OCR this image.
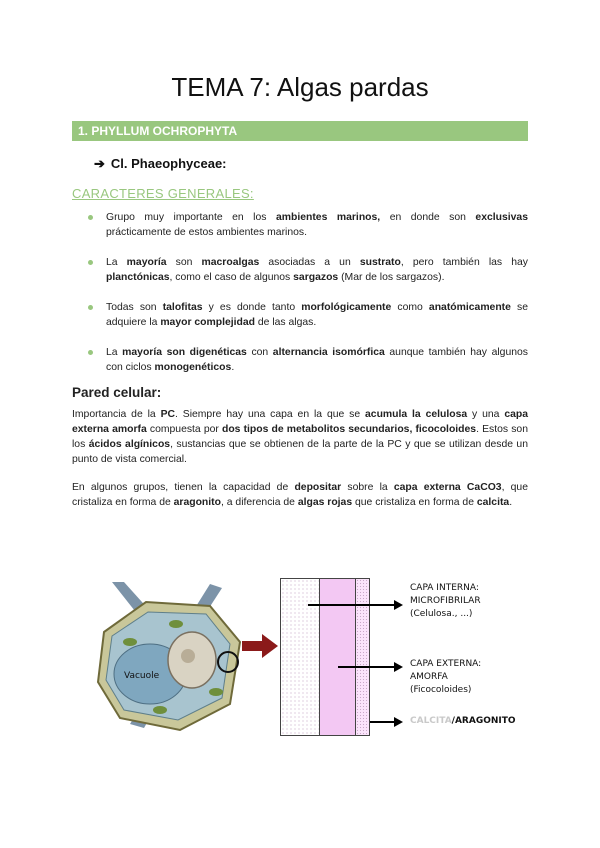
TEMA 7: Algas pardas
1. PHYLLUM OCHROPHYTA
➔ Cl. Phaeophyceae:
CARACTERES GENERALES:
Grupo muy importante en los ambientes marinos, en donde son exclusivas prácticamente de estos ambientes marinos.
La mayoría son macroalgas asociadas a un sustrato, pero también las hay planctónicas, como el caso de algunos sargazos (Mar de los sargazos).
Todas son talofitas y es donde tanto morfológicamente como anatómicamente se adquiere la mayor complejidad de las algas.
La mayoría son digenéticas con alternancia isomórfica aunque también hay algunos con ciclos monogenéticos.
Pared celular:
Importancia de la PC. Siempre hay una capa en la que se acumula la celulosa y una capa externa amorfa compuesta por dos tipos de metabolitos secundarios, ficocoloides. Estos son los ácidos algínicos, sustancias que se obtienen de la parte de la PC y que se utilizan desde un punto de vista comercial.
En algunos grupos, tienen la capacidad de depositar sobre la capa externa CaCO3, que cristaliza en forma de aragonito, a diferencia de algas rojas que cristaliza en forma de calcita.
Vacuole
CAPA INTERNA:
MICROFIBRILAR
(Celulosa., ...)
CAPA EXTERNA:
AMORFA
(Ficocoloides)
CALCITA/ARAGONITO
